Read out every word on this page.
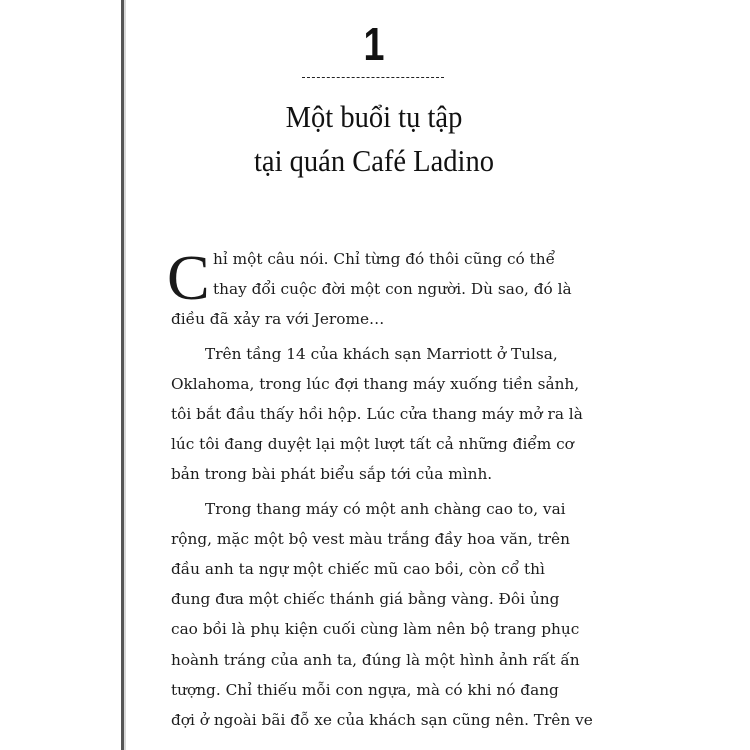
1
Một buổi tụ tập
tại quán Café Ladino
C hỉ một câu nói. Chỉ từng đó thôi cũng có thể
thay đổi cuộc đời một con người. Dù sao, đó là
điều đã xảy ra với Jerome…
Trên tầng 14 của khách sạn Marriott ở Tulsa,
Oklahoma, trong lúc đợi thang máy xuống tiền sảnh,
tôi bắt đầu thấy hồi hộp. Lúc cửa thang máy mở ra là
lúc tôi đang duyệt lại một lượt tất cả những điểm cơ
bản trong bài phát biểu sắp tới của mình.
Trong thang máy có một anh chàng cao to, vai
rộng, mặc một bộ vest màu trắng đầy hoa văn, trên
đầu anh ta ngự một chiếc mũ cao bồi, còn cổ thì
đung đưa một chiếc thánh giá bằng vàng. Đôi ủng
cao bồi là phụ kiện cuối cùng làm nên bộ trang phục
hoành tráng của anh ta, đúng là một hình ảnh rất ấn
tượng. Chỉ thiếu mỗi con ngựa, mà có khi nó đang
đợi ở ngoài bãi đỗ xe của khách sạn cũng nên. Trên ve
